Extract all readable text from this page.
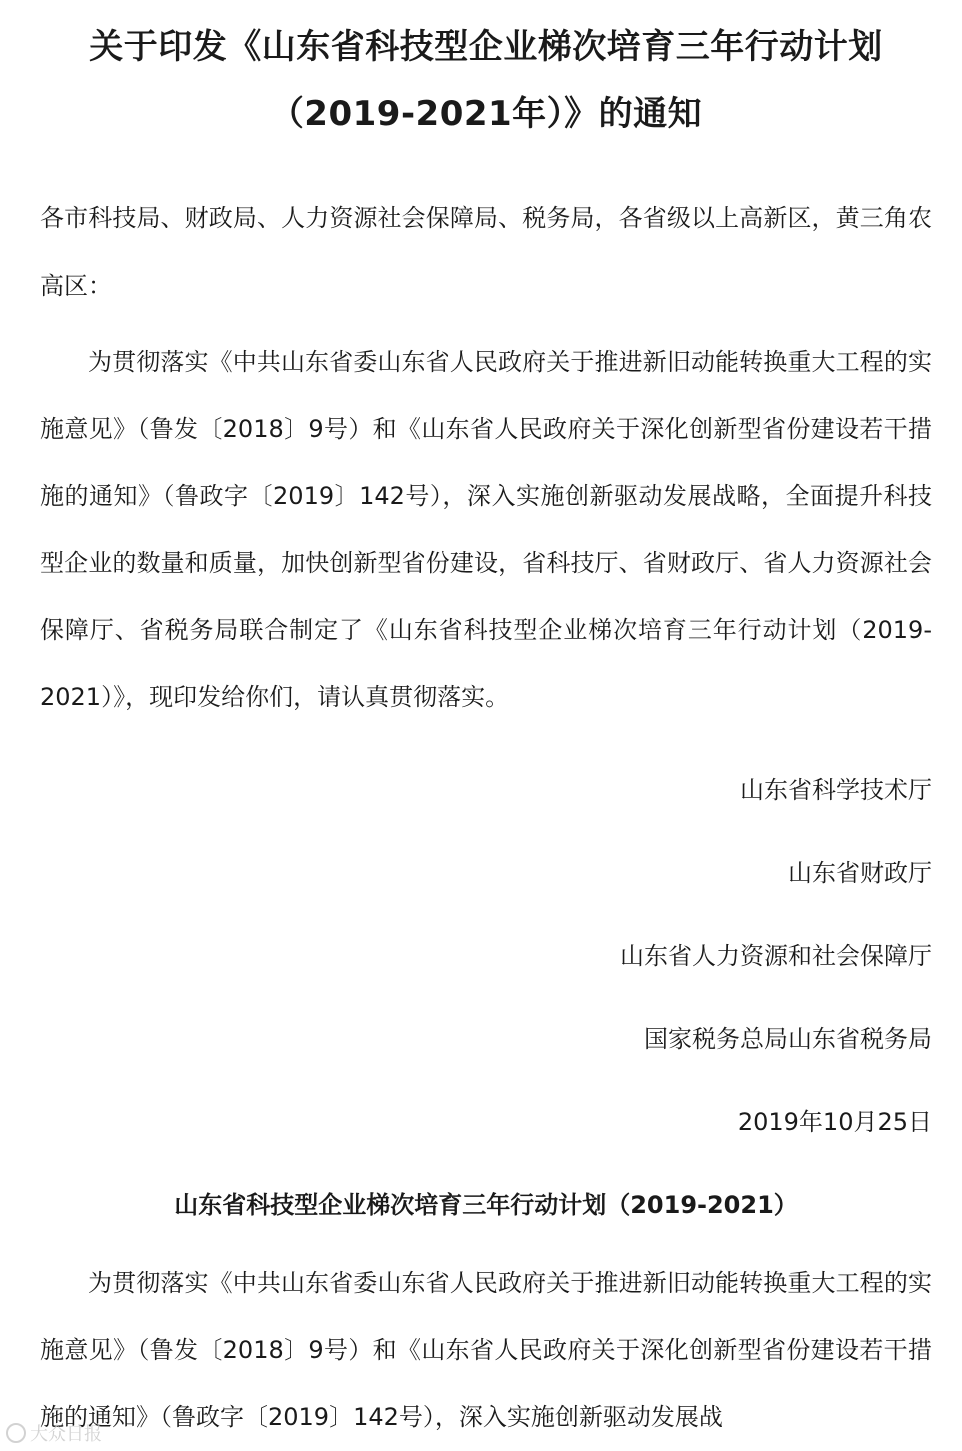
关于印发《山东省科技型企业梯次培育三年行动计划（2019-2021年）》的通知

各市科技局、财政局、人力资源社会保障局、税务局，各省级以上高新区，黄三角农高区：

为贯彻落实《中共山东省委山东省人民政府关于推进新旧动能转换重大工程的实施意见》（鲁发〔2018〕9号）和《山东省人民政府关于深化创新型省份建设若干措施的通知》（鲁政字〔2019〕142号），深入实施创新驱动发展战略，全面提升科技型企业的数量和质量，加快创新型省份建设，省科技厅、省财政厅、省人力资源社会保障厅、省税务局联合制定了《山东省科技型企业梯次培育三年行动计划（2019-2021）》，现印发给你们，请认真贯彻落实。

山东省科学技术厅

山东省财政厅

山东省人力资源和社会保障厅

国家税务总局山东省税务局

2019年10月25日

山东省科技型企业梯次培育三年行动计划（2019-2021）

为贯彻落实《中共山东省委山东省人民政府关于推进新旧动能转换重大工程的实施意见》（鲁发〔2018〕9号）和《山东省人民政府关于深化创新型省份建设若干措施的通知》（鲁政字〔2019〕142号），深入实施创新驱动发展战

大众日报
